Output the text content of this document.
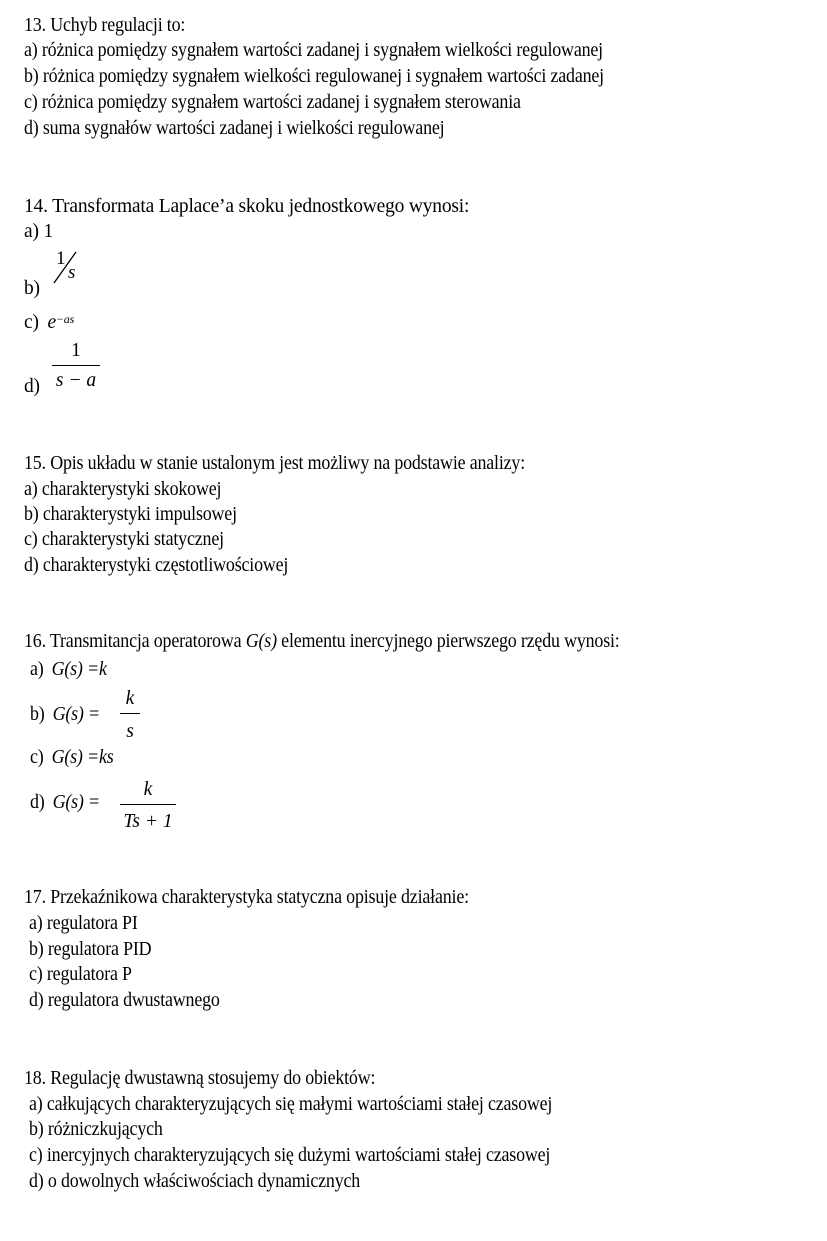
13. Uchyb regulacji to:
a) różnica pomiędzy sygnałem wartości zadanej i sygnałem wielkości regulowanej
b) różnica pomiędzy sygnałem wielkości regulowanej i sygnałem wartości zadanej
c) różnica pomiędzy sygnałem wartości zadanej i sygnałem sterowania
d) suma sygnałów wartości zadanej i wielkości regulowanej
14. Transformata Laplace’a skoku jednostkowego wynosi:
a) 1
b)
1
s
c) $e^{-as}$
$d) \frac{1}{s - a}$
15. Opis układu w stanie ustalonym jest możliwy na podstawie analizy:
a) charakterystyki skokowej
b) charakterystyki impulsowej
c) charakterystyki statycznej
d) charakterystyki częstotliwościowej
16. Transmitancja operatorowa G(s) elementu inercyjnego pierwszego rzędu wynosi:
a) G(s) =k
b) $G(s) = \frac{k}{s}$
c) G(s) =ks
d) $G(s) = \frac{k}{Ts + 1}$
17. Przekaźnikowa charakterystyka statyczna opisuje działanie:
a) regulatora PI
b) regulatora PID
c) regulatora P
d) regulatora dwustawnego
18. Regulację dwustawną stosujemy do obiektów:
a) całkujących charakteryzujących się małymi wartościami stałej czasowej
b) różniczkujących
c) inercyjnych charakteryzujących się dużymi wartościami stałej czasowej
d) o dowolnych właściwościach dynamicznych
